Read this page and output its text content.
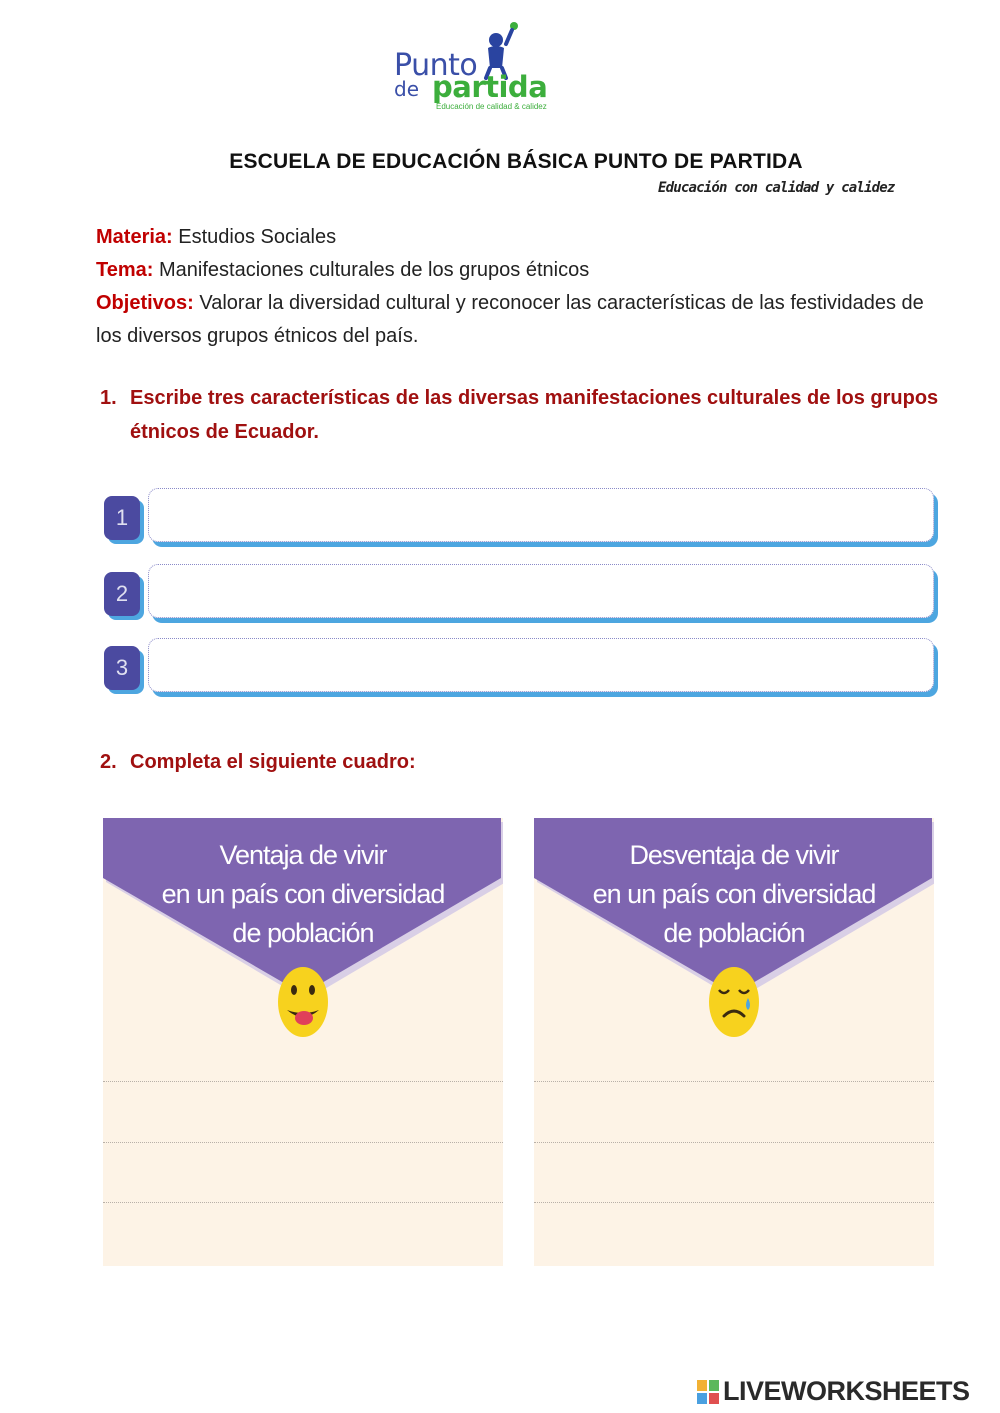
Punto
de partida
Educación de calidad & calidez
ESCUELA DE EDUCACIÓN BÁSICA PUNTO DE PARTIDA
Educación con calidad y calidez
Materia: Estudios Sociales
Tema: Manifestaciones culturales de los grupos étnicos
Objetivos: Valorar la diversidad cultural y reconocer las características de las festividades de los diversos grupos étnicos del país.
1. Escribe tres características de las diversas manifestaciones culturales de los grupos étnicos de Ecuador.
1
2
3
2. Completa el siguiente cuadro:
Ventaja de vivir
en un país con diversidad
de población
Desventaja de vivir
en un país con diversidad
de población
LIVEWORKSHEETS
